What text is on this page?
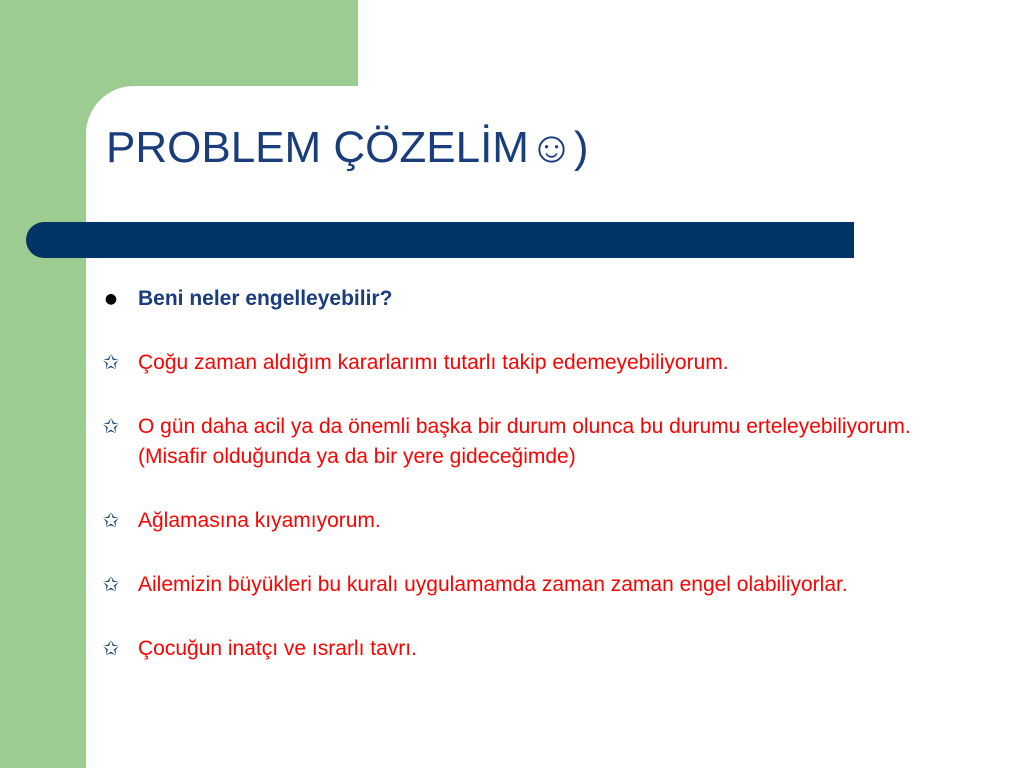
PROBLEM ÇÖZELİM☺)
● Beni neler engelleyebilir?
✩ Çoğu zaman aldığım kararlarımı tutarlı takip edemeyebiliyorum.
✩ O gün daha acil ya da önemli başka bir durum olunca bu durumu erteleyebiliyorum. (Misafir olduğunda ya da bir yere gideceğimde)
✩ Ağlamasına kıyamıyorum.
✩ Ailemizin büyükleri bu kuralı uygulamamda zaman zaman engel olabiliyorlar.
✩ Çocuğun inatçı ve ısrarlı tavrı.
